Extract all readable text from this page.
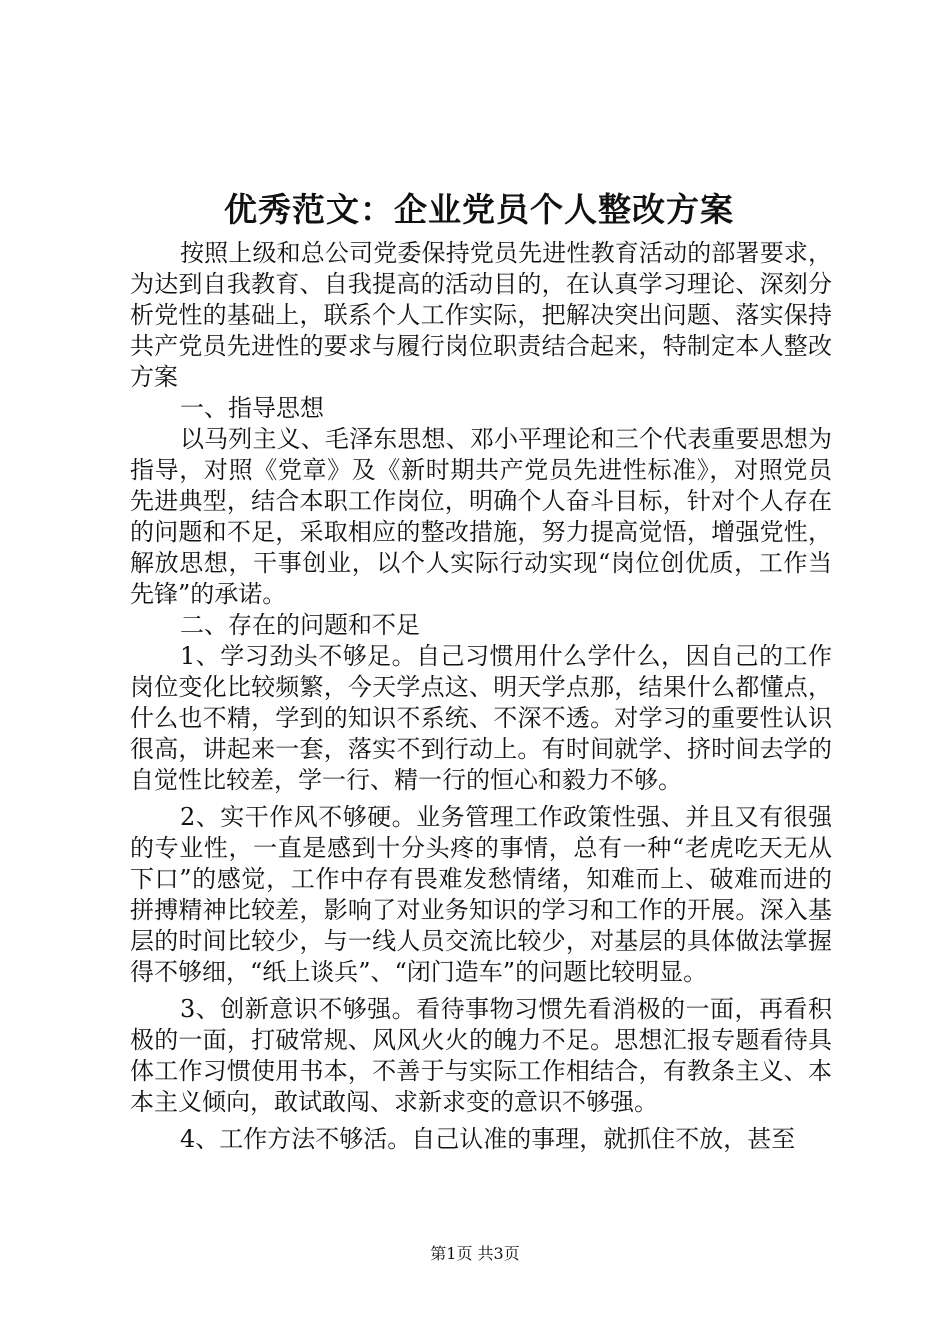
优秀范文：企业党员个人整改方案

按照上级和总公司党委保持党员先进性教育活动的部署要求，为达到自我教育、自我提高的活动目的，在认真学习理论、深刻分析党性的基础上，联系个人工作实际，把解决突出问题、落实保持共产党员先进性的要求与履行岗位职责结合起来，特制定本人整改方案

一、指导思想

以马列主义、毛泽东思想、邓小平理论和三个代表重要思想为指导，对照《党章》及《新时期共产党员先进性标准》，对照党员先进典型，结合本职工作岗位，明确个人奋斗目标，针对个人存在的问题和不足，采取相应的整改措施，努力提高觉悟，增强党性，解放思想，干事创业，以个人实际行动实现“岗位创优质，工作当先锋”的承诺。

二、存在的问题和不足

1、学习劲头不够足。自己习惯用什么学什么，因自己的工作岗位变化比较频繁，今天学点这、明天学点那，结果什么都懂点，什么也不精，学到的知识不系统、不深不透。对学习的重要性认识很高，讲起来一套，落实不到行动上。有时间就学、挤时间去学的自觉性比较差，学一行、精一行的恒心和毅力不够。

2、实干作风不够硬。业务管理工作政策性强、并且又有很强的专业性，一直是感到十分头疼的事情，总有一种“老虎吃天无从下口”的感觉，工作中存有畏难发愁情绪，知难而上、破难而进的拼搏精神比较差，影响了对业务知识的学习和工作的开展。深入基层的时间比较少，与一线人员交流比较少，对基层的具体做法掌握得不够细，“纸上谈兵”、“闭门造车”的问题比较明显。

3、创新意识不够强。看待事物习惯先看消极的一面，再看积极的一面，打破常规、风风火火的魄力不足。思想汇报专题看待具体工作习惯使用书本，不善于与实际工作相结合，有教条主义、本本主义倾向，敢试敢闯、求新求变的意识不够强。

4、工作方法不够活。自己认准的事理，就抓住不放，甚至

第1页 共3页
